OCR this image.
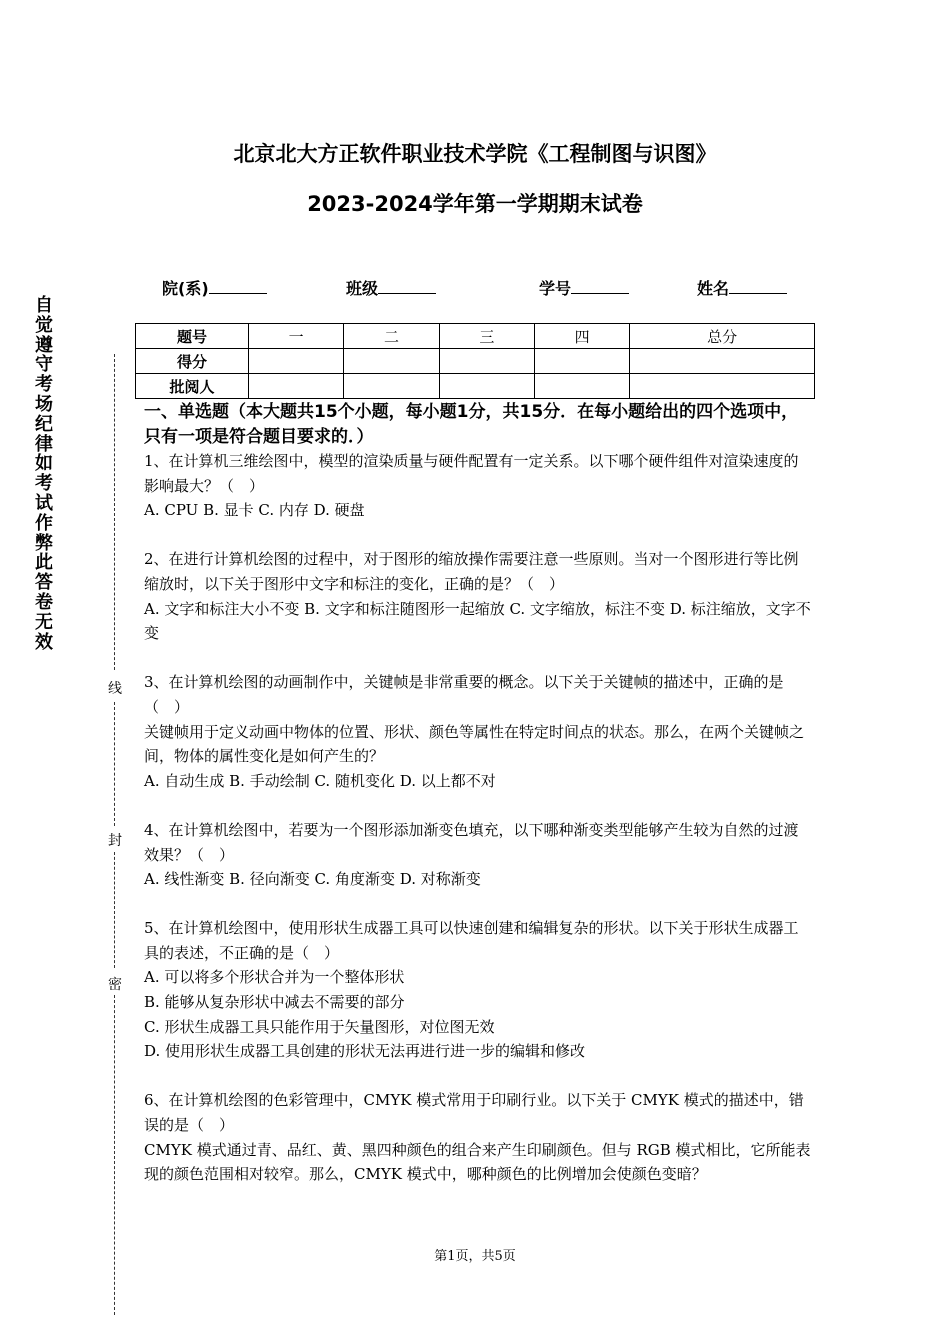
北京北大方正软件职业技术学院《工程制图与识图》
2023-2024学年第一学期期末试卷
院(系)	班级	学号	姓名
题号	一	二	三	四	总分
得分					
批阅人					
自
觉
遵
守
考
场
纪
律
如
考
试
作
弊
此
答
卷
无
效
线
封
密

一、单选题（本大题共15个小题，每小题1分，共15分．在每小题给出的四个选项中，只有一项是符合题目要求的．）

1、在计算机三维绘图中，模型的渲染质量与硬件配置有一定关系。以下哪个硬件组件对渲染速度的影响最大？（　）

A. CPU B. 显卡 C. 内存 D. 硬盘

2、在进行计算机绘图的过程中，对于图形的缩放操作需要注意一些原则。当对一个图形进行等比例缩放时，以下关于图形中文字和标注的变化，正确的是？（　）

A. 文字和标注大小不变 B. 文字和标注随图形一起缩放 C. 文字缩放，标注不变 D. 标注缩放，文字不变

3、在计算机绘图的动画制作中，关键帧是非常重要的概念。以下关于关键帧的描述中，正确的是（　）

关键帧用于定义动画中物体的位置、形状、颜色等属性在特定时间点的状态。那么，在两个关键帧之间，物体的属性变化是如何产生的？

A. 自动生成 B. 手动绘制 C. 随机变化 D. 以上都不对

4、在计算机绘图中，若要为一个图形添加渐变色填充，以下哪种渐变类型能够产生较为自然的过渡效果？（　）

A. 线性渐变 B. 径向渐变 C. 角度渐变 D. 对称渐变

5、在计算机绘图中，使用形状生成器工具可以快速创建和编辑复杂的形状。以下关于形状生成器工具的表述，不正确的是（　）

A. 可以将多个形状合并为一个整体形状

B. 能够从复杂形状中减去不需要的部分

C. 形状生成器工具只能作用于矢量图形，对位图无效

D. 使用形状生成器工具创建的形状无法再进行进一步的编辑和修改

6、在计算机绘图的色彩管理中，CMYK 模式常用于印刷行业。以下关于 CMYK 模式的描述中，错误的是（　）

CMYK 模式通过青、品红、黄、黑四种颜色的组合来产生印刷颜色。但与 RGB 模式相比，它所能表现的颜色范围相对较窄。那么，CMYK 模式中，哪种颜色的比例增加会使颜色变暗？

第1页，共5页
